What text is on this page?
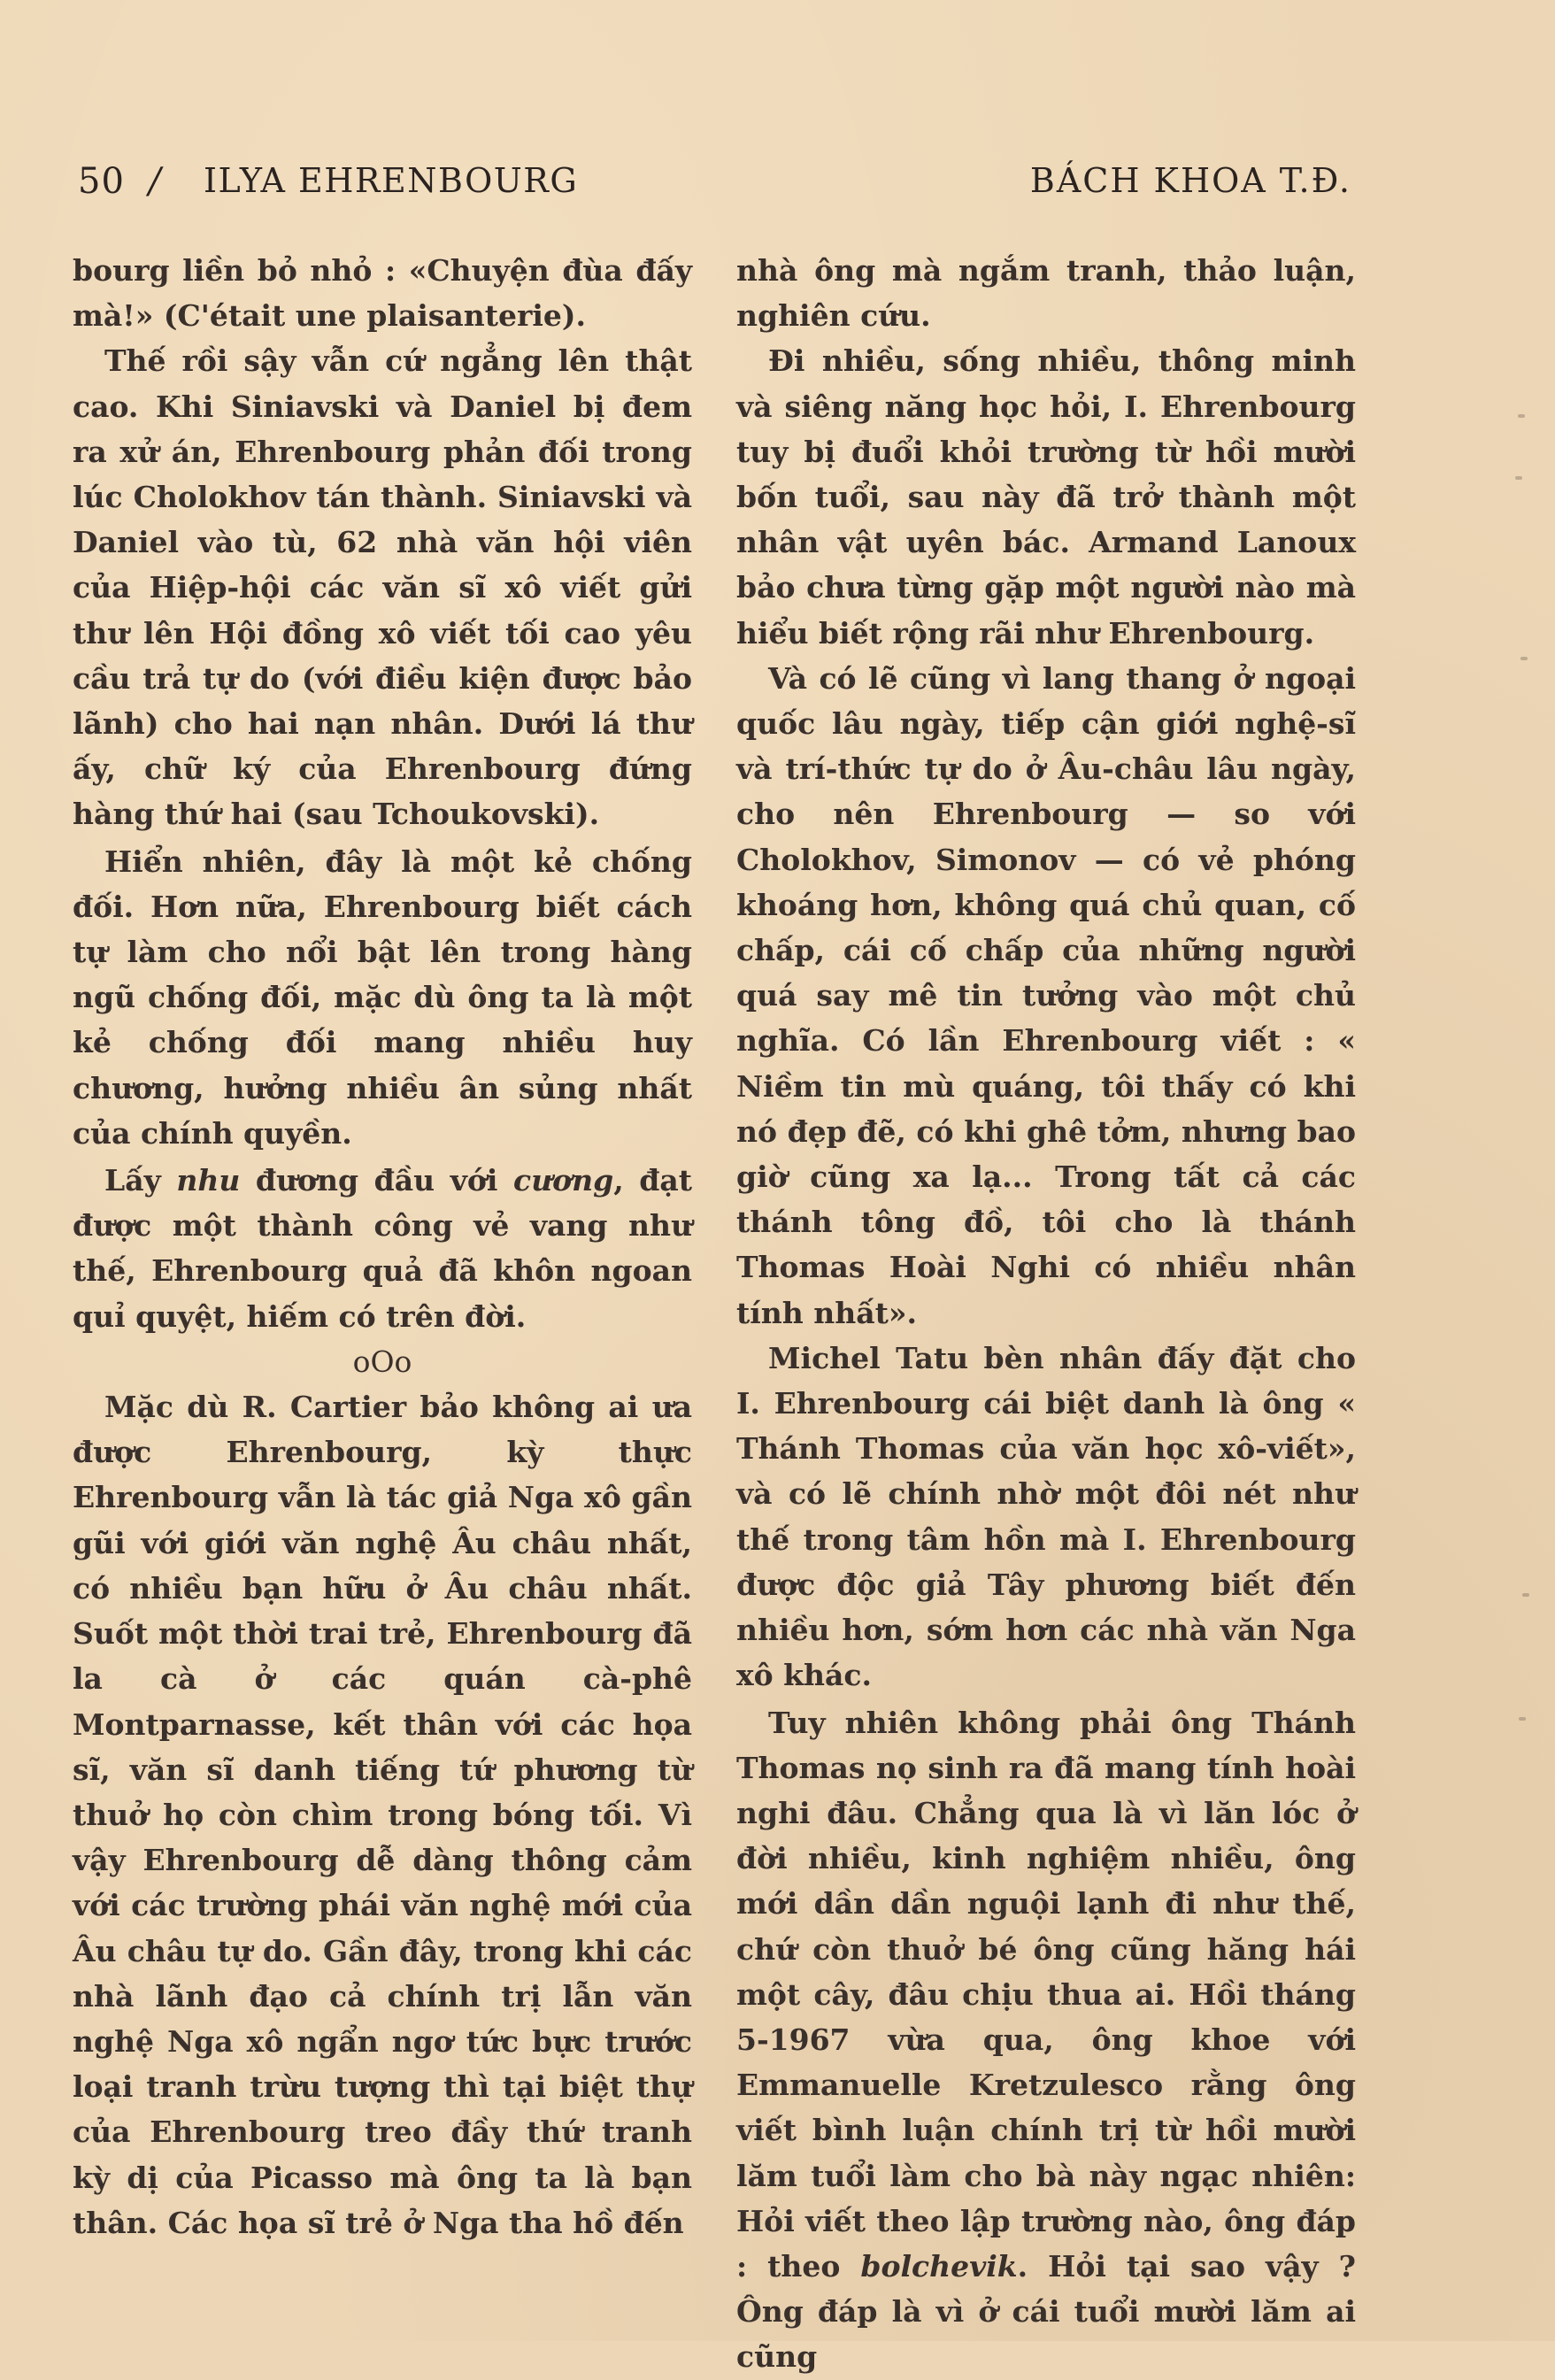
50 / ILYA EHRENBOURG	BÁCH KHOA T.Đ.

bourg liền bỏ nhỏ : «Chuyện đùa đấy mà!» (C'était une plaisanterie).

Thế rồi sậy vẫn cứ ngẳng lên thật cao. Khi Siniavski và Daniel bị đem ra xử án, Ehrenbourg phản đối trong lúc Cholokhov tán thành. Siniavski và Daniel vào tù, 62 nhà văn hội viên của Hiệp-hội các văn sĩ xô viết gửi thư lên Hội đồng xô viết tối cao yêu cầu trả tự do (với điều kiện được bảo lãnh) cho hai nạn nhân. Dưới lá thư ấy, chữ ký của Ehrenbourg đứng hàng thứ hai (sau Tchoukovski).

Hiển nhiên, đây là một kẻ chống đối. Hơn nữa, Ehrenbourg biết cách tự làm cho nổi bật lên trong hàng ngũ chống đối, mặc dù ông ta là một kẻ chống đối mang nhiều huy chương, hưởng nhiều ân sủng nhất của chính quyền.

Lấy nhu đương đầu với cương, đạt được một thành công vẻ vang như thế, Ehrenbourg quả đã khôn ngoan quỉ quyệt, hiếm có trên đời.

oOo

Mặc dù R. Cartier bảo không ai ưa được Ehrenbourg, kỳ thực Ehrenbourg vẫn là tác giả Nga xô gần gũi với giới văn nghệ Âu châu nhất, có nhiều bạn hữu ở Âu châu nhất. Suốt một thời trai trẻ, Ehrenbourg đã la cà ở các quán cà-phê Montparnasse, kết thân với các họa sĩ, văn sĩ danh tiếng tứ phương từ thuở họ còn chìm trong bóng tối. Vì vậy Ehrenbourg dễ dàng thông cảm với các trường phái văn nghệ mới của Âu châu tự do. Gần đây, trong khi các nhà lãnh đạo cả chính trị lẫn văn nghệ Nga xô ngẩn ngơ tức bực trước loại tranh trừu tượng thì tại biệt thự của Ehrenbourg treo đầy thứ tranh kỳ dị của Picasso mà ông ta là bạn thân. Các họa sĩ trẻ ở Nga tha hồ đến

nhà ông mà ngắm tranh, thảo luận, nghiên cứu.

Đi nhiều, sống nhiều, thông minh và siêng năng học hỏi, I. Ehrenbourg tuy bị đuổi khỏi trường từ hồi mười bốn tuổi, sau này đã trở thành một nhân vật uyên bác. Armand Lanoux bảo chưa từng gặp một người nào mà hiểu biết rộng rãi như Ehrenbourg.

Và có lẽ cũng vì lang thang ở ngoại quốc lâu ngày, tiếp cận giới nghệ-sĩ và trí-thức tự do ở Âu-châu lâu ngày, cho nên Ehrenbourg — so với Cholokhov, Simonov — có vẻ phóng khoáng hơn, không quá chủ quan, cố chấp, cái cố chấp của những người quá say mê tin tưởng vào một chủ nghĩa. Có lần Ehrenbourg viết : « Niềm tin mù quáng, tôi thấy có khi nó đẹp đẽ, có khi ghê tởm, nhưng bao giờ cũng xa lạ... Trong tất cả các thánh tông đồ, tôi cho là thánh Thomas Hoài Nghi có nhiều nhân tính nhất».

Michel Tatu bèn nhân đấy đặt cho I. Ehrenbourg cái biệt danh là ông « Thánh Thomas của văn học xô-viết», và có lẽ chính nhờ một đôi nét như thế trong tâm hồn mà I. Ehrenbourg được độc giả Tây phương biết đến nhiều hơn, sớm hơn các nhà văn Nga xô khác.

Tuy nhiên không phải ông Thánh Thomas nọ sinh ra đã mang tính hoài nghi đâu. Chẳng qua là vì lăn lóc ở đời nhiều, kinh nghiệm nhiều, ông mới dần dần nguội lạnh đi như thế, chứ còn thuở bé ông cũng hăng hái một cây, đâu chịu thua ai. Hồi tháng 5-1967 vừa qua, ông khoe với Emmanuelle Kretzulesco rằng ông viết bình luận chính trị từ hồi mười lăm tuổi làm cho bà này ngạc nhiên: Hỏi viết theo lập trường nào, ông đáp : theo bolchevik. Hỏi tại sao vậy ? Ông đáp là vì ở cái tuổi mười lăm ai cũng
